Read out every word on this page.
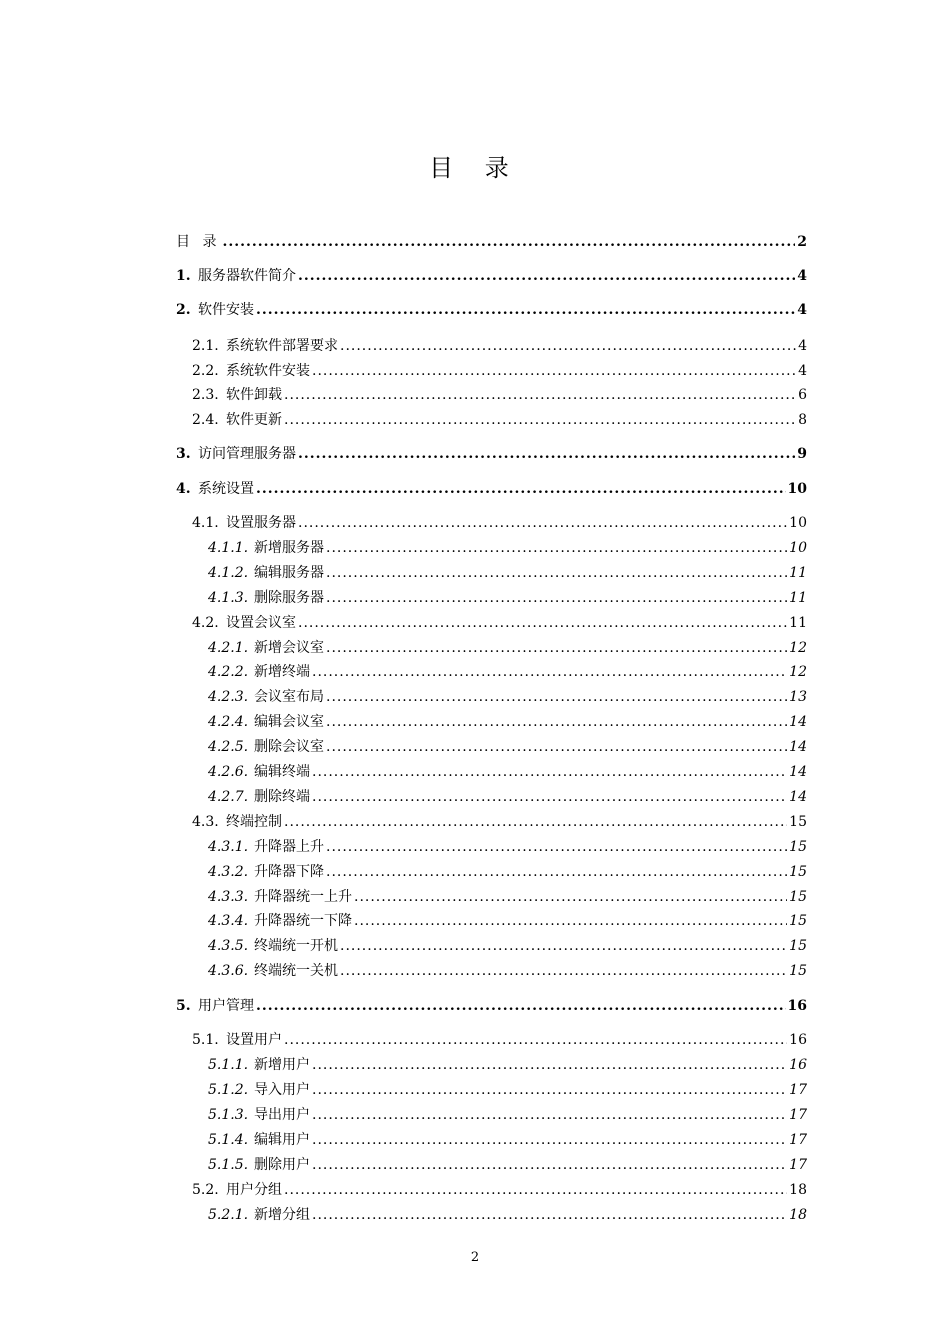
目 录
目 录 .....	2
1. 服务器软件简介 .....	4
2. 软件安装 .....	4
2.1. 系统软件部署要求 .....	4
2.2. 系统软件安装 .....	4
2.3. 软件卸载 .....	6
2.4. 软件更新 .....	8
3. 访问管理服务器 .....	9
4. 系统设置 .....	10
4.1. 设置服务器 .....	10
4.1.1. 新增服务器 .....	10
4.1.2. 编辑服务器 .....	11
4.1.3. 删除服务器 .....	11
4.2. 设置会议室 .....	11
4.2.1. 新增会议室 .....	12
4.2.2. 新增终端 .....	12
4.2.3. 会议室布局 .....	13
4.2.4. 编辑会议室 .....	14
4.2.5. 删除会议室 .....	14
4.2.6. 编辑终端 .....	14
4.2.7. 删除终端 .....	14
4.3. 终端控制 .....	15
4.3.1. 升降器上升 .....	15
4.3.2. 升降器下降 .....	15
4.3.3. 升降器统一上升 .....	15
4.3.4. 升降器统一下降 .....	15
4.3.5. 终端统一开机 .....	15
4.3.6. 终端统一关机 .....	15
5. 用户管理 .....	16
5.1. 设置用户 .....	16
5.1.1. 新增用户 .....	16
5.1.2. 导入用户 .....	17
5.1.3. 导出用户 .....	17
5.1.4. 编辑用户 .....	17
5.1.5. 删除用户 .....	17
5.2. 用户分组 .....	18
5.2.1. 新增分组 .....	18
2
